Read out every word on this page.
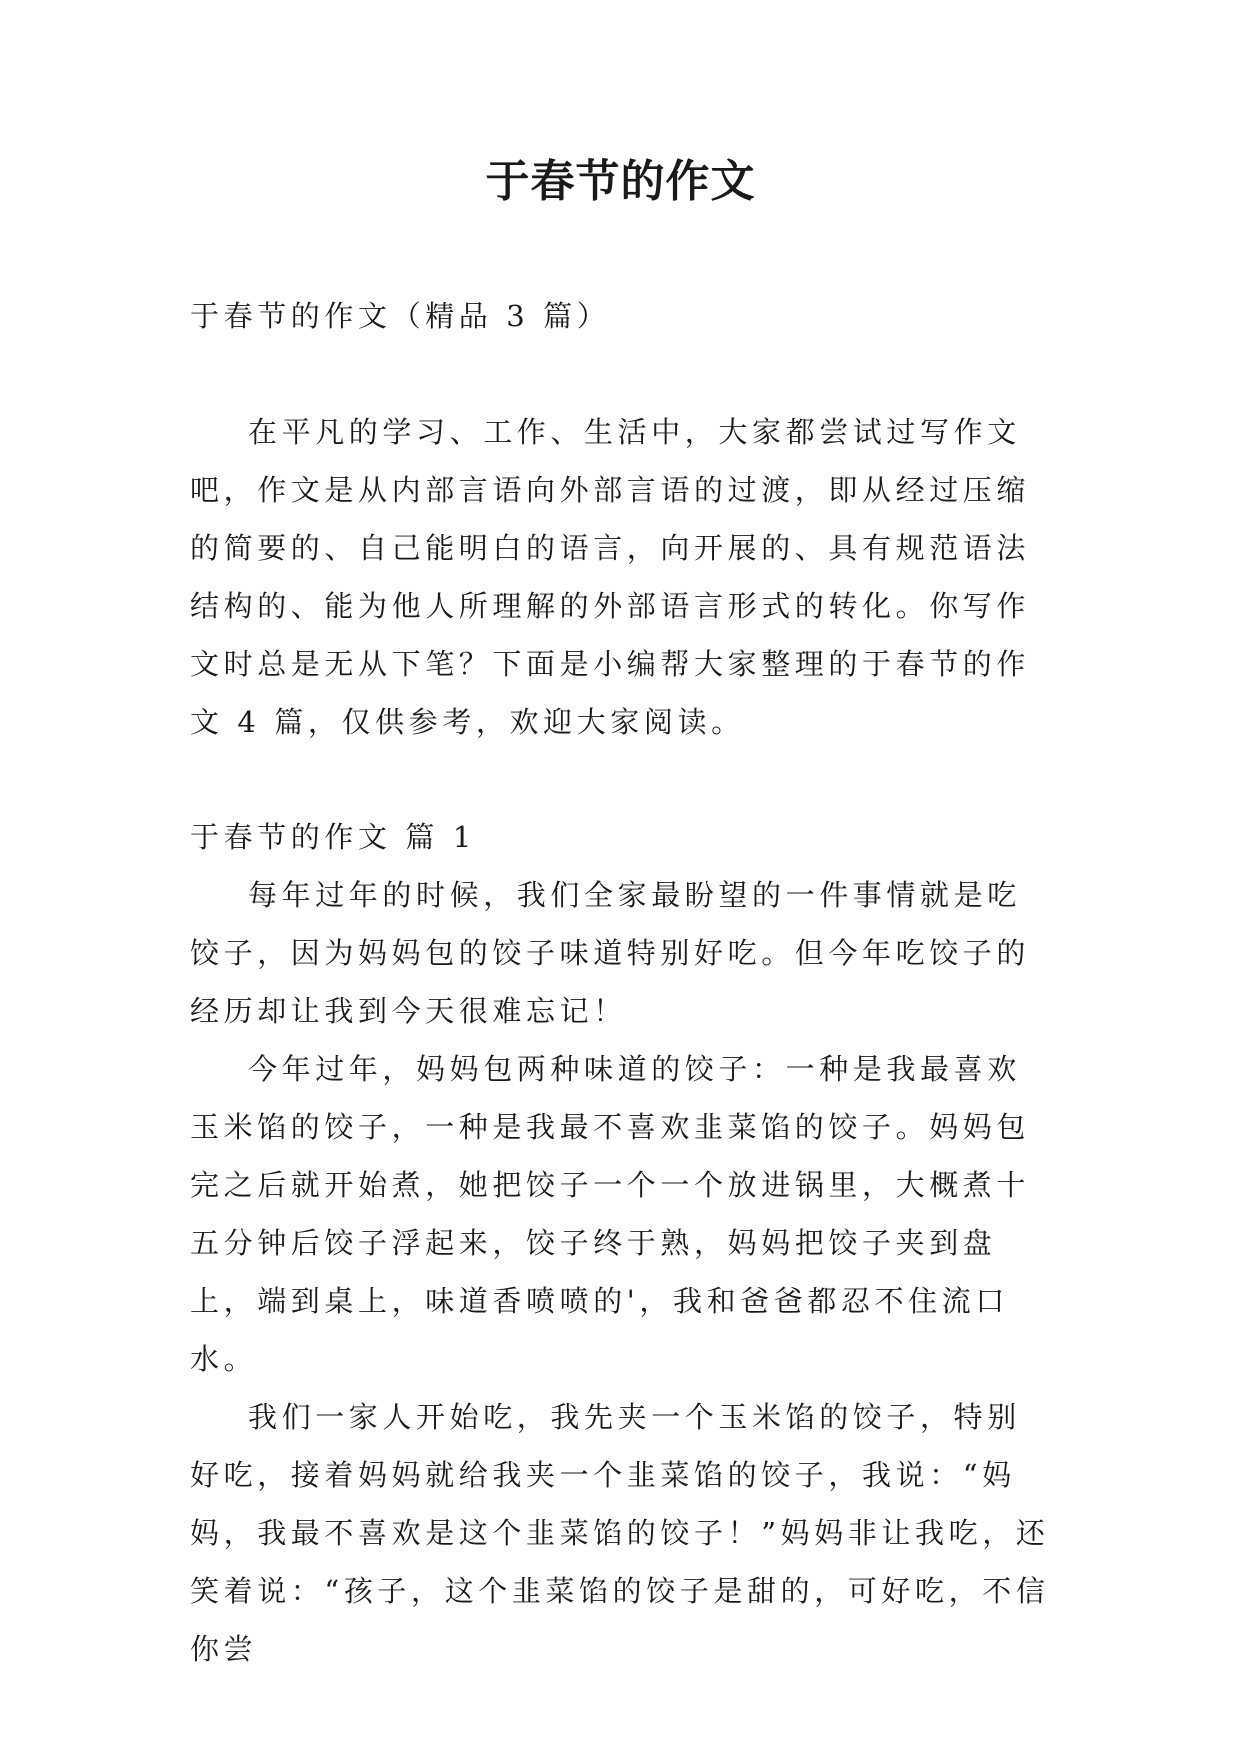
于春节的作文

于春节的作文（精品 3 篇）

在平凡的学习、工作、生活中，大家都尝试过写作文吧，作文是从内部言语向外部言语的过渡，即从经过压缩的简要的、自己能明白的语言，向开展的、具有规范语法结构的、能为他人所理解的外部语言形式的转化。你写作文时总是无从下笔？下面是小编帮大家整理的于春节的作文 4 篇，仅供参考，欢迎大家阅读。

于春节的作文 篇 1

每年过年的时候，我们全家最盼望的一件事情就是吃饺子，因为妈妈包的饺子味道特别好吃。但今年吃饺子的经历却让我到今天很难忘记！

今年过年，妈妈包两种味道的饺子：一种是我最喜欢玉米馅的饺子，一种是我最不喜欢韭菜馅的饺子。妈妈包完之后就开始煮，她把饺子一个一个放进锅里，大概煮十五分钟后饺子浮起来，饺子终于熟，妈妈把饺子夹到盘上，端到桌上，味道香喷喷的'，我和爸爸都忍不住流口水。

我们一家人开始吃，我先夹一个玉米馅的饺子，特别好吃，接着妈妈就给我夹一个韭菜馅的饺子，我说：“妈妈，我最不喜欢是这个韭菜馅的饺子！”妈妈非让我吃，还笑着说：“孩子，这个韭菜馅的饺子是甜的，可好吃，不信你尝
